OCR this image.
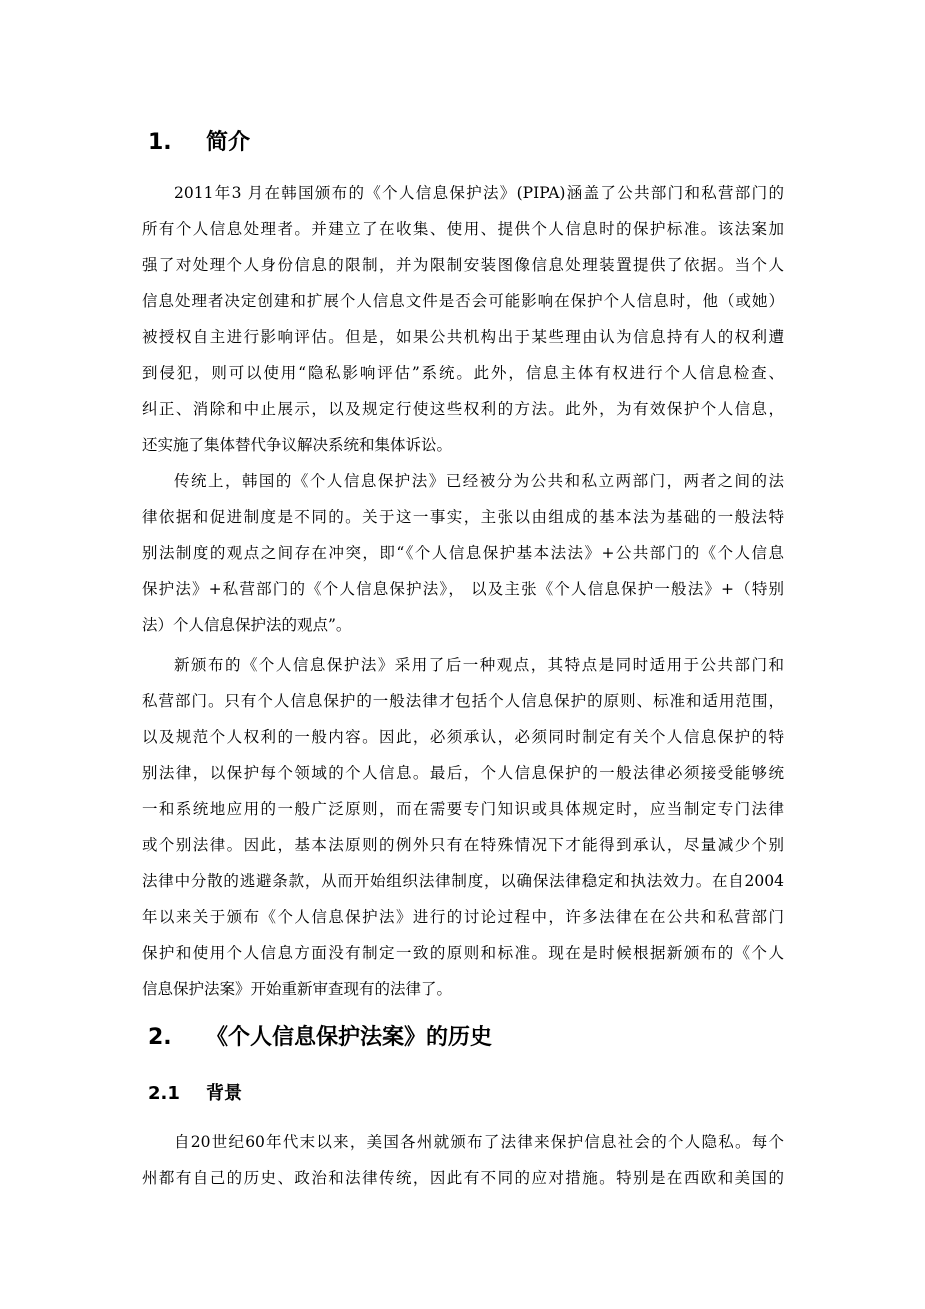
1. 简介
2011年3 月在韩国颁布的《个人信息保护法》(PIPA)涵盖了公共部门和私营部门的
所有个人信息处理者。并建立了在收集、使用、提供个人信息时的保护标准。该法案加
强了对处理个人身份信息的限制，并为限制安装图像信息处理装置提供了依据。当个人
信息处理者决定创建和扩展个人信息文件是否会可能影响在保护个人信息时，他（或她）
被授权自主进行影响评估。但是，如果公共机构出于某些理由认为信息持有人的权利遭
到侵犯，则可以使用“隐私影响评估”系统。此外，信息主体有权进行个人信息检查、
纠正、消除和中止展示，以及规定行使这些权利的方法。此外，为有效保护个人信息，
还实施了集体替代争议解决系统和集体诉讼。
传统上，韩国的《个人信息保护法》已经被分为公共和私立两部门，两者之间的法
律依据和促进制度是不同的。关于这一事实，主张以由组成的基本法为基础的一般法特
别法制度的观点之间存在冲突，即“《个人信息保护基本法法》+公共部门的《个人信息
保护法》+私营部门的《个人信息保护法》， 以及主张《个人信息保护一般法》+（特别
法）个人信息保护法的观点”。
新颁布的《个人信息保护法》采用了后一种观点，其特点是同时适用于公共部门和
私营部门。只有个人信息保护的一般法律才包括个人信息保护的原则、标准和适用范围，
以及规范个人权利的一般内容。因此，必须承认，必须同时制定有关个人信息保护的特
别法律，以保护每个领域的个人信息。最后，个人信息保护的一般法律必须接受能够统
一和系统地应用的一般广泛原则，而在需要专门知识或具体规定时，应当制定专门法律
或个别法律。因此，基本法原则的例外只有在特殊情况下才能得到承认，尽量减少个别
法律中分散的逃避条款，从而开始组织法律制度，以确保法律稳定和执法效力。在自2004
年以来关于颁布《个人信息保护法》进行的讨论过程中，许多法律在在公共和私营部门
保护和使用个人信息方面没有制定一致的原则和标准。现在是时候根据新颁布的《个人
信息保护法案》开始重新审查现有的法律了。
2. 《个人信息保护法案》的历史
2.1 背景
自20世纪60年代末以来，美国各州就颁布了法律来保护信息社会的个人隐私。每个
州都有自己的历史、政治和法律传统，因此有不同的应对措施。特别是在西欧和美国的
